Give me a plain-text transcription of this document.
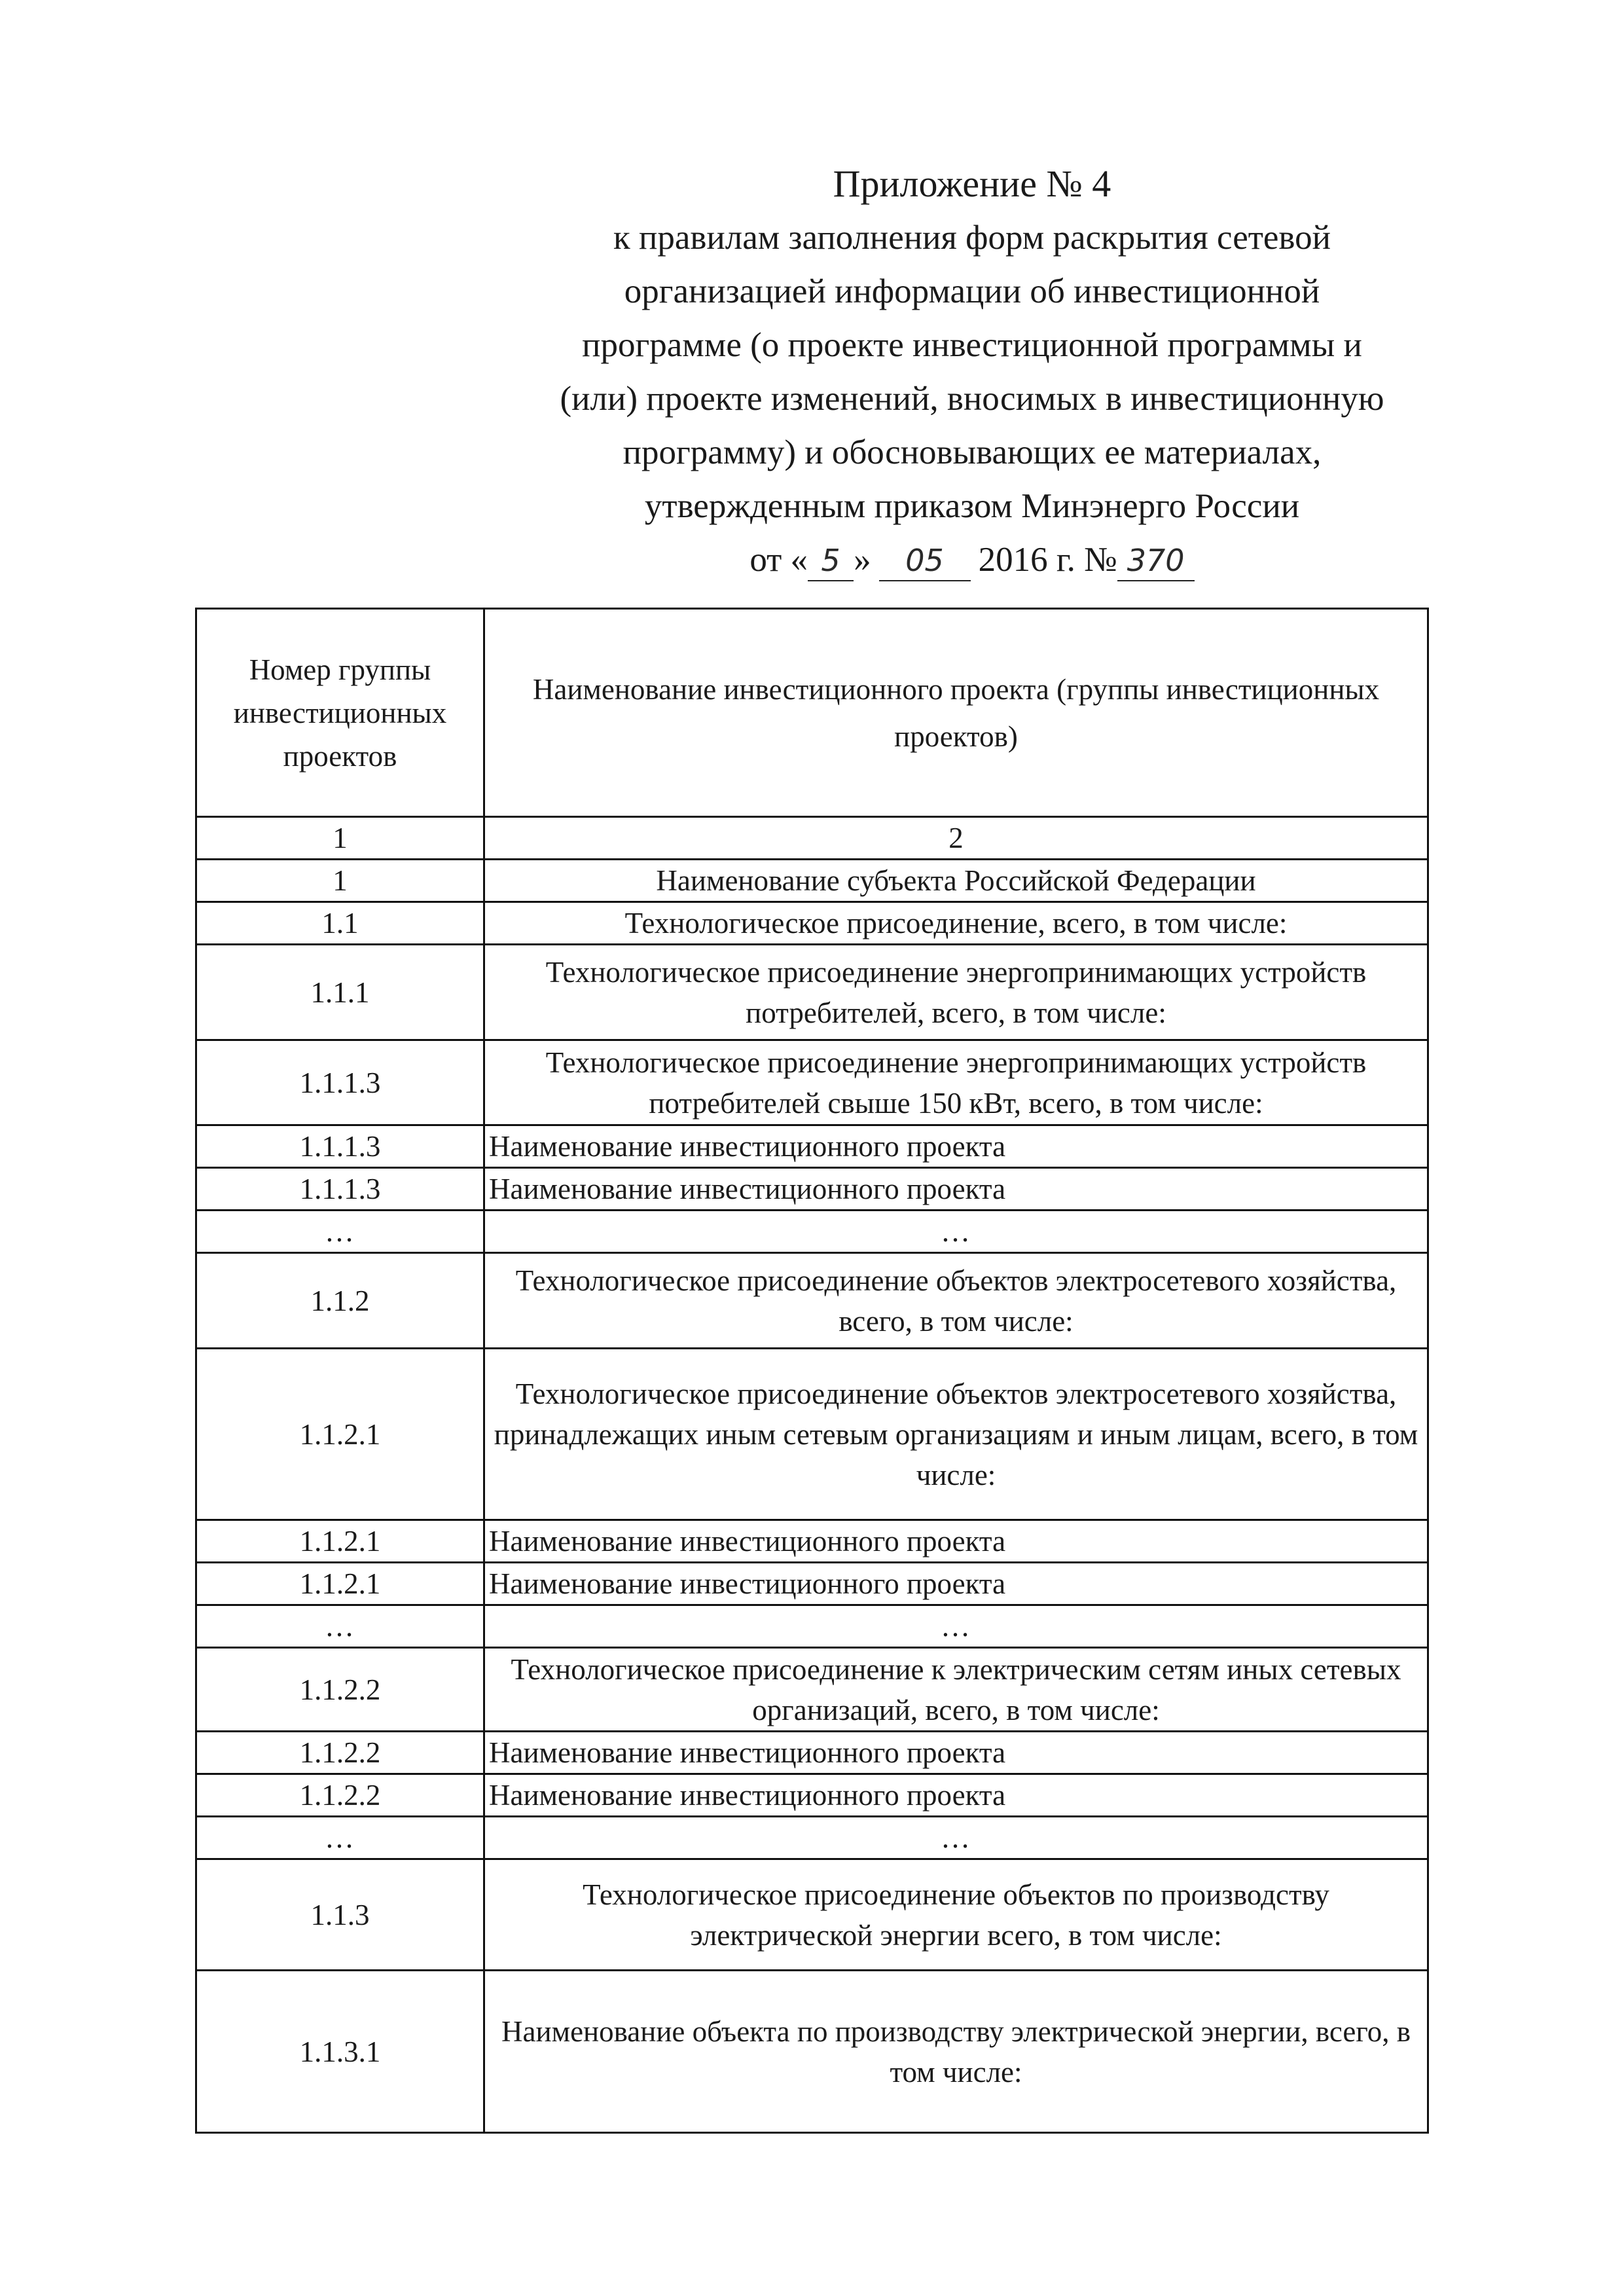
Приложение № 4
к правилам заполнения форм раскрытия сетевой
организацией информации об инвестиционной
программе (о проекте инвестиционной программы и
(или) проекте изменений, вносимых в инвестиционную
программу) и обосновывающих ее материалах,
утвержденным приказом Минэнерго России
от « 5 » 05 2016 г. № 370
Номер группы инвестиционных проектов	Наименование инвестиционного проекта (группы инвестиционных проектов)
1	2
1	Наименование субъекта Российской Федерации
1.1	Технологическое присоединение, всего, в том числе:
1.1.1	Технологическое присоединение энергопринимающих устройств потребителей, всего, в том числе:
1.1.1.3	Технологическое присоединение энергопринимающих устройств потребителей свыше 150 кВт, всего, в том числе:
1.1.1.3	Наименование инвестиционного проекта
1.1.1.3	Наименование инвестиционного проекта
…	…
1.1.2	Технологическое присоединение объектов электросетевого хозяйства, всего, в том числе:
1.1.2.1	Технологическое присоединение объектов электросетевого хозяйства, принадлежащих иным сетевым организациям и иным лицам, всего, в том числе:
1.1.2.1	Наименование инвестиционного проекта
1.1.2.1	Наименование инвестиционного проекта
…	…
1.1.2.2	Технологическое присоединение к электрическим сетям иных сетевых организаций, всего, в том числе:
1.1.2.2	Наименование инвестиционного проекта
1.1.2.2	Наименование инвестиционного проекта
…	…
1.1.3	Технологическое присоединение объектов по производству электрической энергии всего, в том числе:
1.1.3.1	Наименование объекта по производству электрической энергии, всего, в том числе:
